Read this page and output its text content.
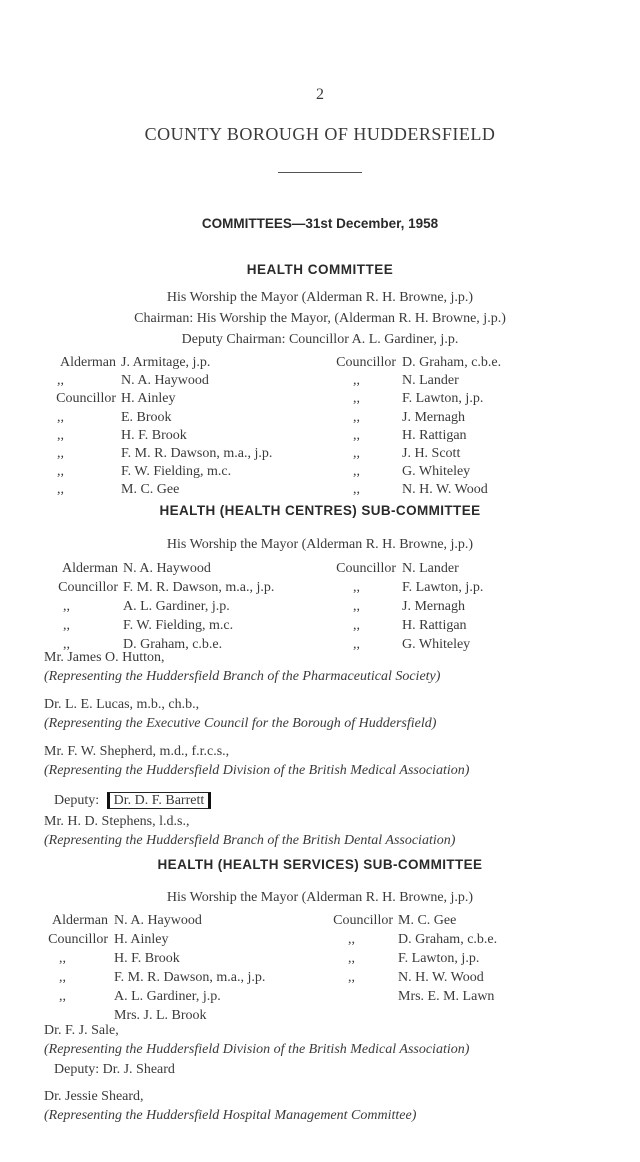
2
COUNTY BOROUGH OF HUDDERSFIELD
COMMITTEES—31st December, 1958
HEALTH COMMITTEE
His Worship the Mayor (Alderman R. H. Browne, j.p.)
Chairman: His Worship the Mayor, (Alderman R. H. Browne, j.p.)
Deputy Chairman: Councillor A. L. Gardiner, j.p.
Alderman
,,
Councillor
,,
,,
,,
,,
,,
J. Armitage, j.p.
N. A. Haywood
H. Ainley
E. Brook
H. F. Brook
F. M. R. Dawson, m.a., j.p.
F. W. Fielding, m.c.
M. C. Gee
Councillor
,,
,,
,,
,,
,,
,,
,,
D. Graham, c.b.e.
N. Lander
F. Lawton, j.p.
J. Mernagh
H. Rattigan
J. H. Scott
G. Whiteley
N. H. W. Wood
HEALTH (HEALTH CENTRES) SUB-COMMITTEE
His Worship the Mayor (Alderman R. H. Browne, j.p.)
Alderman
Councillor
,,
,,
,,
N. A. Haywood
F. M. R. Dawson, m.a., j.p.
A. L. Gardiner, j.p.
F. W. Fielding, m.c.
D. Graham, c.b.e.
Councillor
,,
,,
,,
,,
N. Lander
F. Lawton, j.p.
J. Mernagh
H. Rattigan
G. Whiteley
Mr. James O. Hutton,
(Representing the Huddersfield Branch of the Pharmaceutical Society)
Dr. L. E. Lucas, m.b., ch.b.,
(Representing the Executive Council for the Borough of Huddersfield)
Mr. F. W. Shepherd, m.d., f.r.c.s.,
(Representing the Huddersfield Division of the British Medical Association)
Deputy: Dr. D. F. Barrett
Mr. H. D. Stephens, l.d.s.,
(Representing the Huddersfield Branch of the British Dental Association)
HEALTH (HEALTH SERVICES) SUB-COMMITTEE
His Worship the Mayor (Alderman R. H. Browne, j.p.)
Alderman
Councillor
,,
,,
,,
N. A. Haywood
H. Ainley
H. F. Brook
F. M. R. Dawson, m.a., j.p.
A. L. Gardiner, j.p.
Mrs. J. L. Brook
Councillor
,,
,,
,,
M. C. Gee
D. Graham, c.b.e.
F. Lawton, j.p.
N. H. W. Wood
Mrs. E. M. Lawn
Dr. F. J. Sale,
(Representing the Huddersfield Division of the British Medical Association)
Deputy: Dr. J. Sheard
Dr. Jessie Sheard,
(Representing the Huddersfield Hospital Management Committee)
